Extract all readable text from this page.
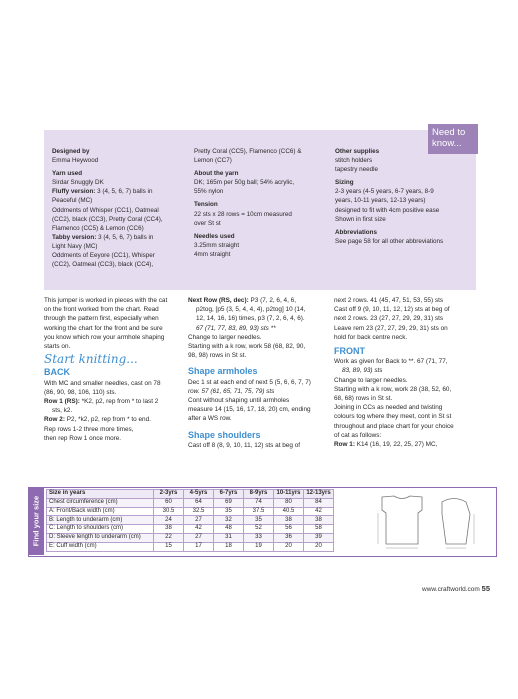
Need to
know...
Designed by
Emma Heywood
Yarn used
Sirdar Snuggly DK
Fluffy version: 3 (4, 5, 6, 7) balls in
Peaceful (MC)
Oddments of Whisper (CC1), Oatmeal
(CC2), black (CC3), Pretty Coral (CC4),
Flamenco (CC5) & Lemon (CC6)
Tabby version: 3 (4, 5, 6, 7) balls in
Light Navy (MC)
Oddments of Eeyore (CC1), Whisper
(CC2), Oatmeal (CC3), black (CC4),
Pretty Coral (CC5), Flamenco (CC6) &
Lemon (CC7)
About the yarn
DK; 165m per 50g ball; 54% acrylic,
55% nylon
Tension
22 sts x 28 rows = 10cm measured
over St st
Needles used
3.25mm straight
4mm straight
Other supplies
stitch holders
tapestry needle
Sizing
2-3 years (4-5 years, 6-7 years, 8-9
years, 10-11 years, 12-13 years)
designed to fit with 4cm positive ease
Shown in first size
Abbreviations
See page 58 for all other abbreviations
This jumper is worked in pieces with the cat
on the front worked from the chart. Read
through the pattern first, especially when
working the chart for the front and be sure
you know which row your armhole shaping
starts on.
Start knitting...
BACK
With MC and smaller needles, cast on 78
(86, 90, 98, 106, 110) sts.
Row 1 (RS): *K2, p2, rep from * to last 2
sts, k2.
Row 2: P2, *k2, p2, rep from * to end.
Rep rows 1-2 three more times,
then rep Row 1 once more.
Next Row (RS, dec): P3 (7, 2, 6, 4, 6,
p2tog, [p5 (3, 5, 4, 4, 4), p2tog] 10 (14,
12, 14, 16, 16) times, p3 (7, 2, 6, 4, 6).
67 (71, 77, 83, 89, 93) sts **
Change to larger needles.
Starting with a k row, work 58 (68, 82, 90,
98, 98) rows in St st.
Shape armholes
Dec 1 st at each end of next 5 (5, 6, 6, 7, 7)
row. 57 (61, 65, 71, 75, 79) sts
Cont without shaping until armholes
measure 14 (15, 16, 17, 18, 20) cm, ending
after a WS row.
Shape shoulders
Cast off 8 (8, 9, 10, 11, 12) sts at beg of
next 2 rows. 41 (45, 47, 51, 53, 55) sts
Cast off 9 (9, 10, 11, 12, 12) sts at beg of
next 2 rows. 23 (27, 27, 29, 29, 31) sts
Leave rem 23 (27, 27, 29, 29, 31) sts on
hold for back centre neck.
FRONT
Work as given for Back to **. 67 (71, 77,
83, 89, 93) sts
Change to larger needles.
Starting with a k row, work 28 (38, 52, 60,
68, 68) rows in St st.
Joining in CCs as needed and twisting
colours tog where they meet, cont in St st
throughout and place chart for your choice
of cat as follows:
Row 1: K14 (16, 19, 22, 25, 27) MC,
Find your size
Size in years	2-3yrs	4-5yrs	6-7yrs	8-9yrs	10-11yrs	12-13yrs
Chest circumference (cm)	60	64	69	74	80	84
A: Front/Back width (cm)	30.5	32.5	35	37.5	40.5	42
B: Length to underarm (cm)	24	27	32	35	38	38
C: Length to shoulders (cm)	38	42	48	52	56	58
D: Sleeve length to underarm (cm)	22	27	31	33	36	39
E: Cuff width (cm)	15	17	18	19	20	20
www.craftworld.com 55
